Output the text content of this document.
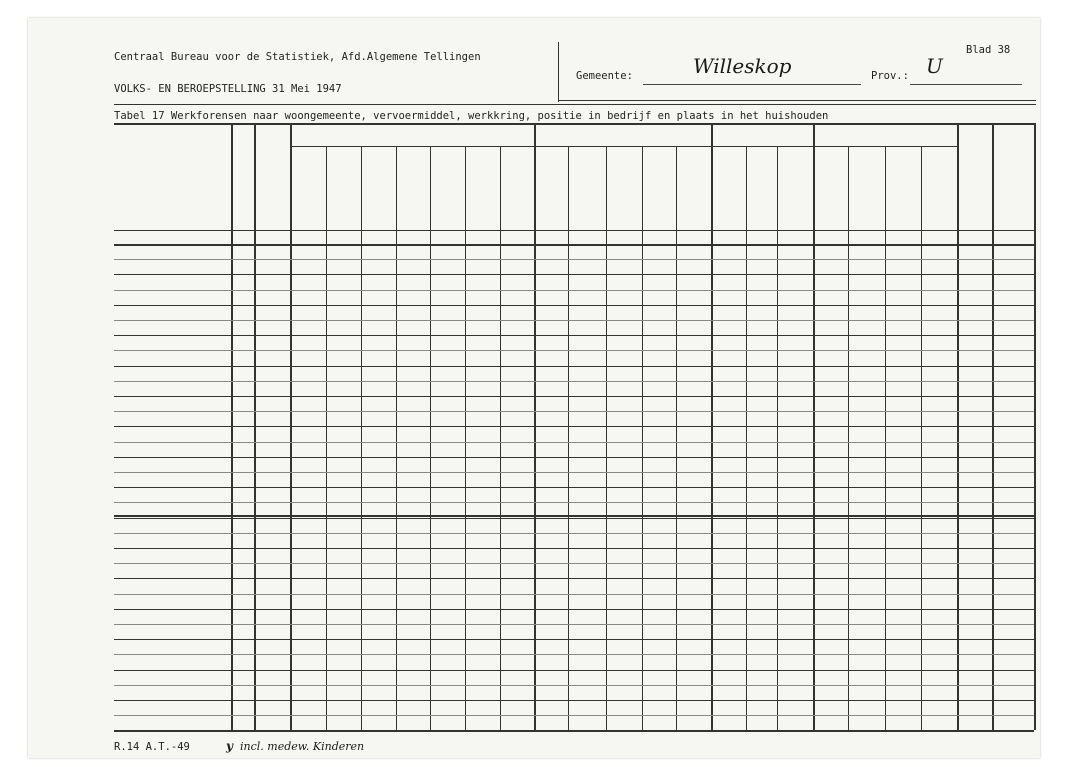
Centraal Bureau voor de Statistiek, Afd.Algemene Tellingen
VOLKS- EN BEROEPSTELLING 31 Mei 1947
Gemeente:	Willeskop	Prov.: U
Blad 38
Tabel 17 Werkforensen naar woongemeente, vervoermiddel, werkkring, positie in bedrijf en plaats in het huishouden
R.14 A.T.-49	y incl. medew. Kinderen
